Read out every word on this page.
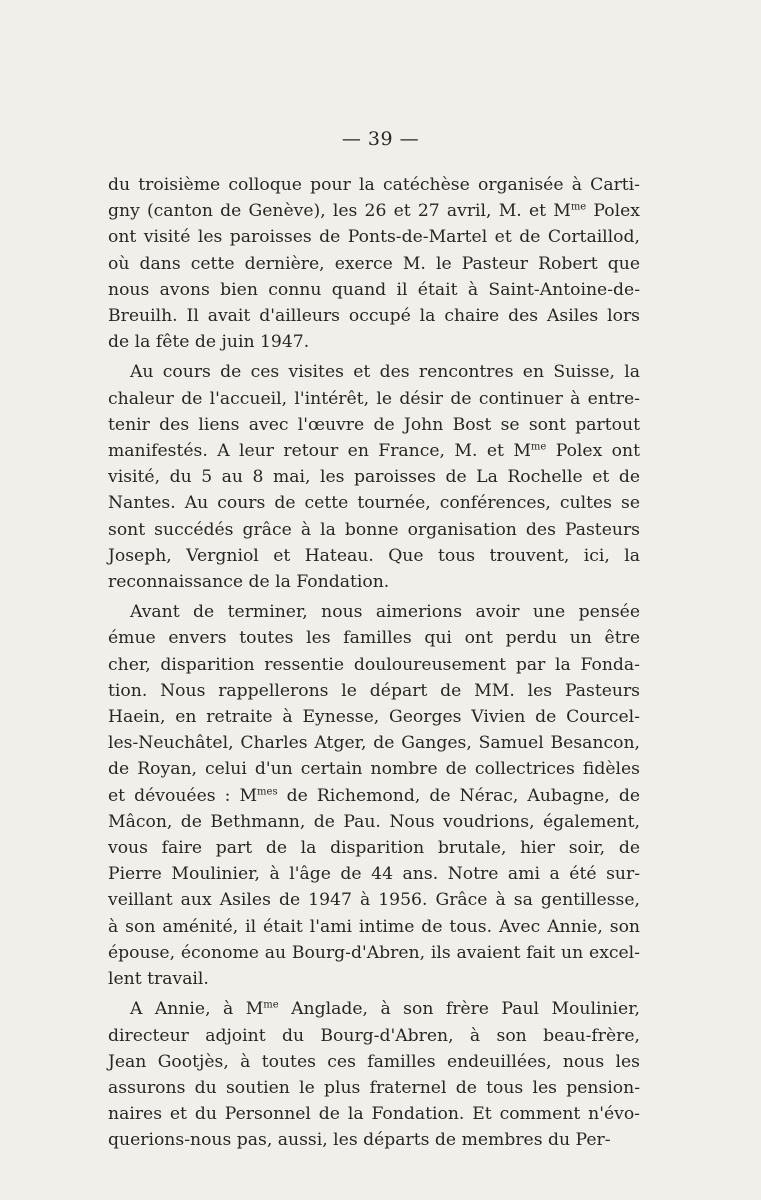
— 39 —

du troisième colloque pour la catéchèse organisée à Carti-
gny (canton de Genève), les 26 et 27 avril, M. et $M^{me}$ Polex
ont visité les paroisses de Ponts-de-Martel et de Cortaillod,
où dans cette dernière, exerce M. le Pasteur Robert que
nous avons bien connu quand il était à Saint-Antoine-de-
Breuilh. Il avait d'ailleurs occupé la chaire des Asiles lors
de la fête de juin 1947.

Au cours de ces visites et des rencontres en Suisse, la
chaleur de l'accueil, l'intérêt, le désir de continuer à entre-
tenir des liens avec l'œuvre de John Bost se sont partout
manifestés. A leur retour en France, M. et $M^{me}$ Polex ont
visité, du 5 au 8 mai, les paroisses de La Rochelle et de
Nantes. Au cours de cette tournée, conférences, cultes se
sont succédés grâce à la bonne organisation des Pasteurs
Joseph, Vergniol et Hateau. Que tous trouvent, ici, la
reconnaissance de la Fondation.

Avant de terminer, nous aimerions avoir une pensée
émue envers toutes les familles qui ont perdu un être
cher, disparition ressentie douloureusement par la Fonda-
tion. Nous rappellerons le départ de MM. les Pasteurs
Haein, en retraite à Eynesse, Georges Vivien de Courcel-
les-Neuchâtel, Charles Atger, de Ganges, Samuel Besancon,
de Royan, celui d'un certain nombre de collectrices fidèles
et dévouées : $M^{mes}$ de Richemond, de Nérac, Aubagne, de
Mâcon, de Bethmann, de Pau. Nous voudrions, également,
vous faire part de la disparition brutale, hier soir, de
Pierre Moulinier, à l'âge de 44 ans. Notre ami a été sur-
veillant aux Asiles de 1947 à 1956. Grâce à sa gentillesse,
à son aménité, il était l'ami intime de tous. Avec Annie, son
épouse, économe au Bourg-d'Abren, ils avaient fait un excel-
lent travail.

A Annie, à $M^{me}$ Anglade, à son frère Paul Moulinier,
directeur adjoint du Bourg-d'Abren, à son beau-frère,
Jean Gootjès, à toutes ces familles endeuillées, nous les
assurons du soutien le plus fraternel de tous les pension-
naires et du Personnel de la Fondation. Et comment n'évo-
querions-nous pas, aussi, les départs de membres du Per-
